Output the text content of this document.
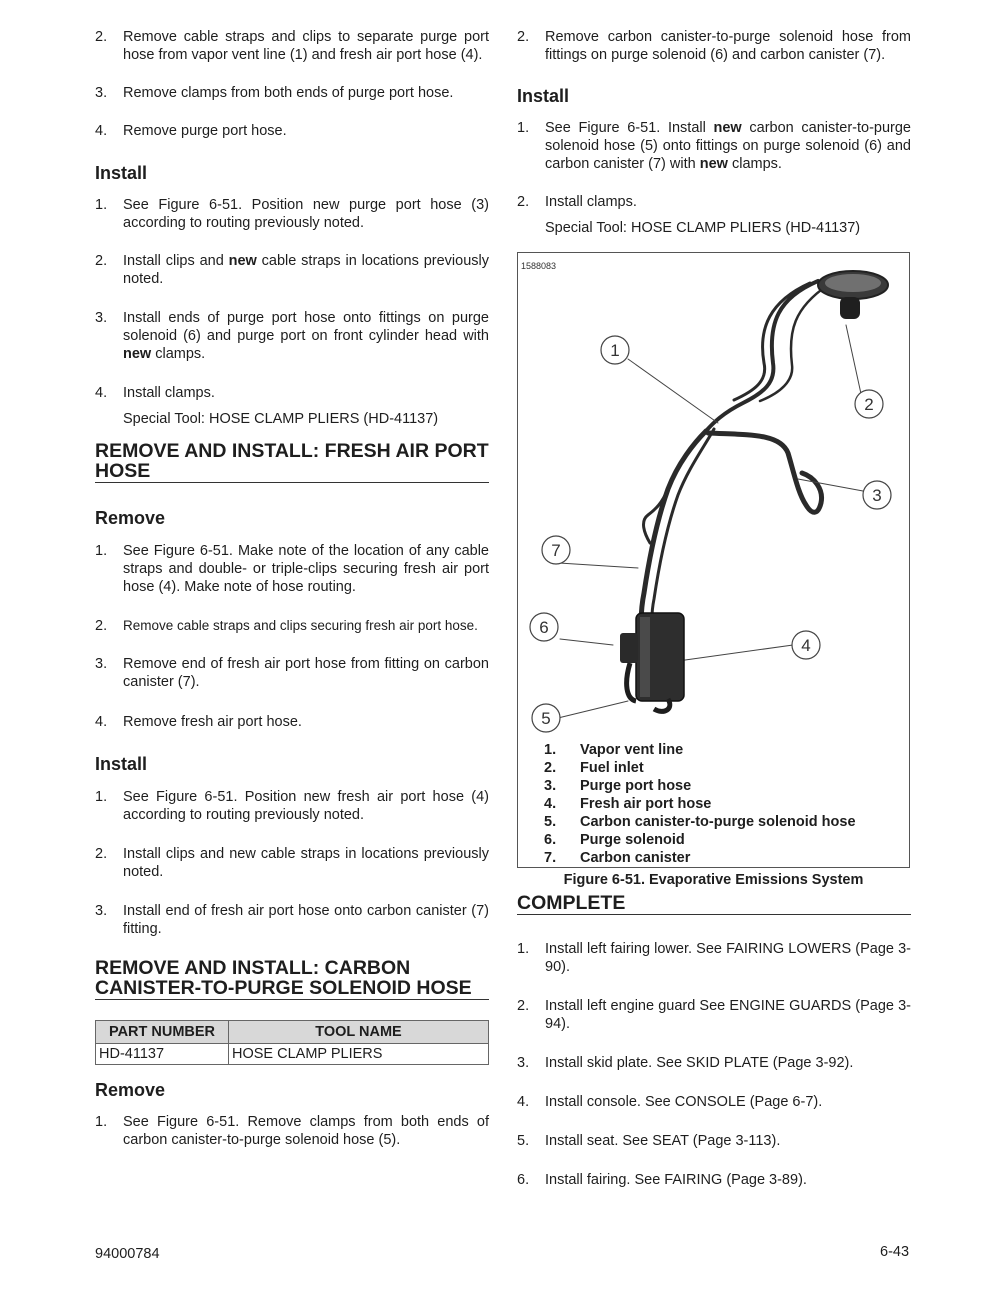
2.	Remove cable straps and clips to separate purge port hose from vapor vent line (1) and fresh air port hose (4).
3.	Remove clamps from both ends of purge port hose.
4.	Remove purge port hose.
Install
1.	See Figure 6-51. Position new purge port hose (3) according to routing previously noted.
2.	Install clips and new cable straps in locations previously noted.
3.	Install ends of purge port hose onto fittings on purge solenoid (6) and purge port on front cylinder head with new clamps.
4.	Install clamps.
Special Tool: HOSE CLAMP PLIERS (HD-41137)
REMOVE AND INSTALL: FRESH AIR PORT HOSE
Remove
1.	See Figure 6-51. Make note of the location of any cable straps and double- or triple-clips securing fresh air port hose (4). Make note of hose routing.
2.	Remove cable straps and clips securing fresh air port hose.
3.	Remove end of fresh air port hose from fitting on carbon canister (7).
4.	Remove fresh air port hose.
Install
1.	See Figure 6-51. Position new fresh air port hose (4) according to routing previously noted.
2.	Install clips and new cable straps in locations previously noted.
3.	Install end of fresh air port hose onto carbon canister (7) fitting.
REMOVE AND INSTALL: CARBON CANISTER-TO-PURGE SOLENOID HOSE
PART NUMBER	TOOL NAME
HD-41137	HOSE CLAMP PLIERS
Remove
1.	See Figure 6-51. Remove clamps from both ends of carbon canister-to-purge solenoid hose (5).
2.	Remove carbon canister-to-purge solenoid hose from fittings on purge solenoid (6) and carbon canister (7).
Install
1.	See Figure 6-51. Install new carbon canister-to-purge solenoid hose (5) onto fittings on purge solenoid (6) and carbon canister (7) with new clamps.
2.	Install clamps.
Special Tool: HOSE CLAMP PLIERS (HD-41137)
1588083
1
2
3
4
5
6
7
1. Vapor vent line
2. Fuel inlet
3. Purge port hose
4. Fresh air port hose
5. Carbon canister-to-purge solenoid hose
6. Purge solenoid
7. Carbon canister
Figure 6-51. Evaporative Emissions System
COMPLETE
1.	Install left fairing lower. See FAIRING LOWERS (Page 3-90).
2.	Install left engine guard See ENGINE GUARDS (Page 3-94).
3.	Install skid plate. See SKID PLATE (Page 3-92).
4.	Install console. See CONSOLE (Page 6-7).
5.	Install seat. See SEAT (Page 3-113).
6.	Install fairing. See FAIRING (Page 3-89).
94000784	6-43
